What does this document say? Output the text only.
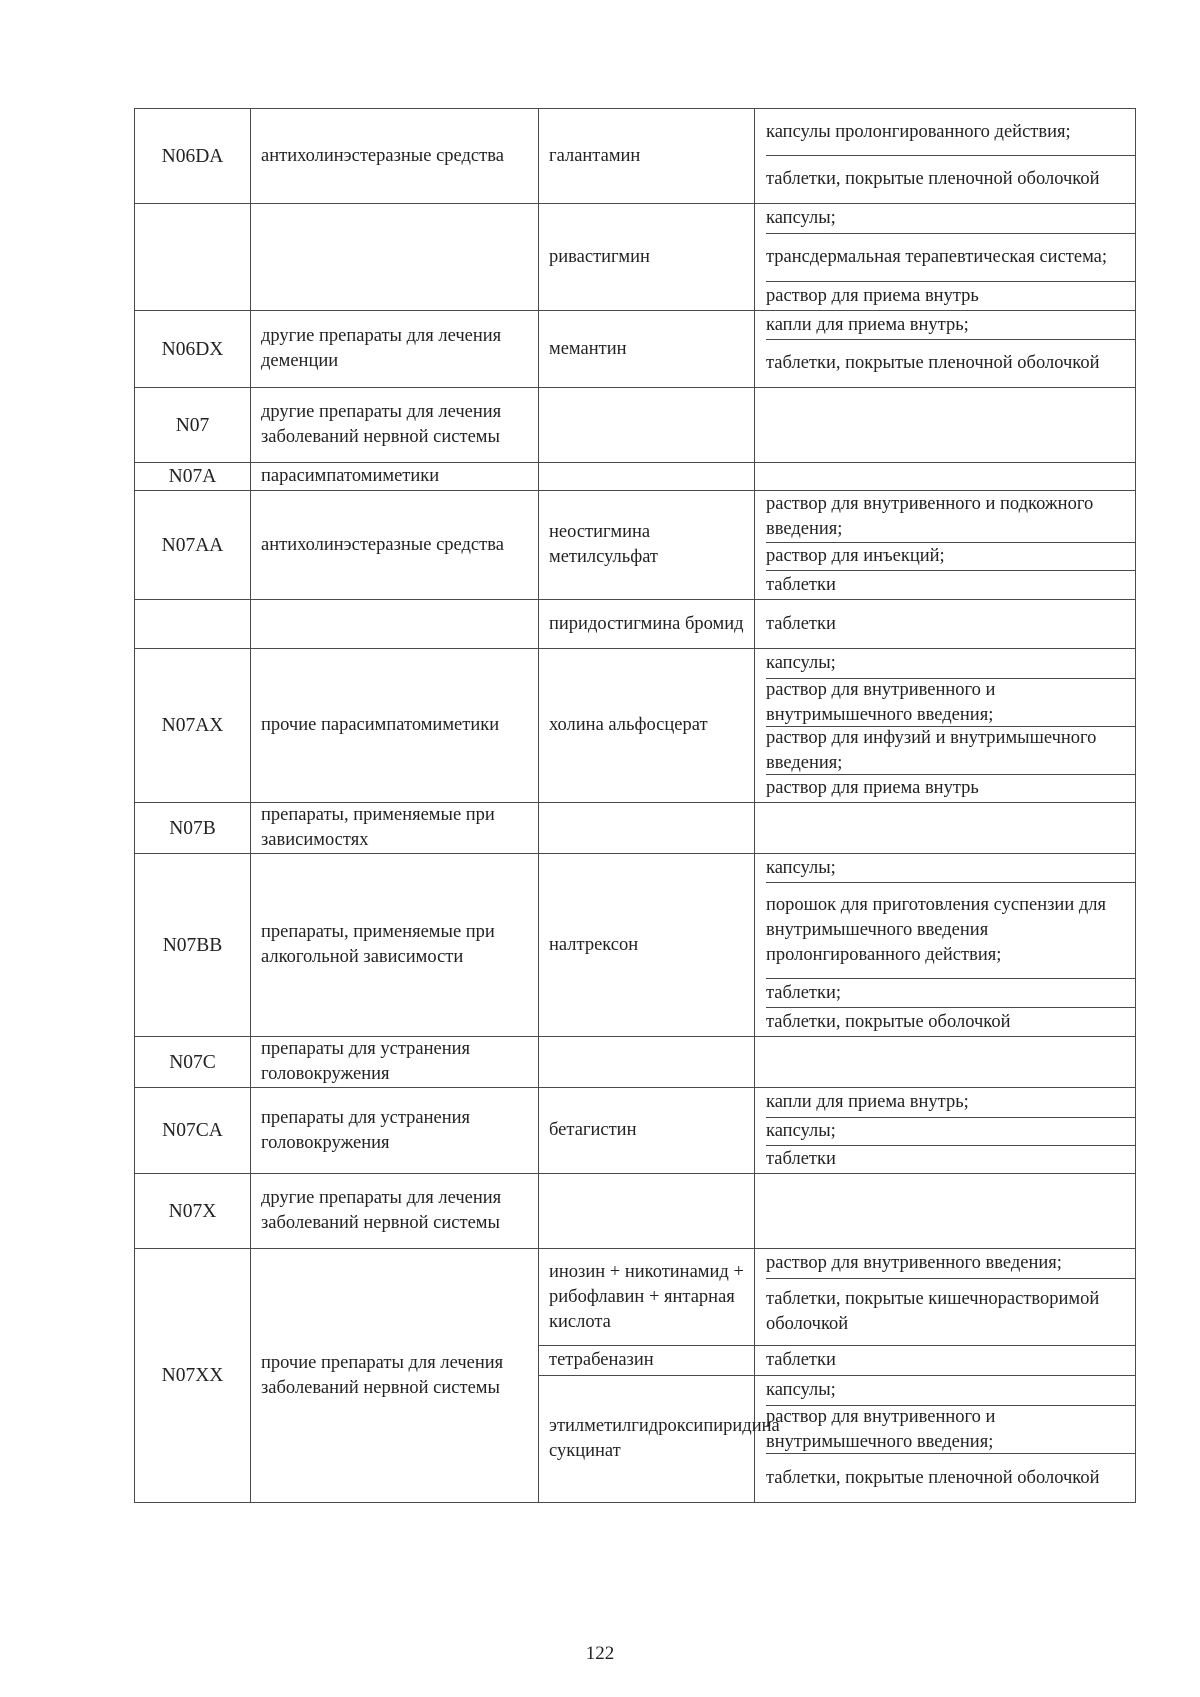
N06DA	антихолинэстеразные средства	галантамин	капсулы пролонгированного действия;
таблетки, покрытые пленочной оболочкой

		ривастигмин	капсулы;
трансдермальная терапевтическая система;
раствор для приема внутрь

N06DX	другие препараты для лечения деменции	мемантин	капли для приема внутрь;
таблетки, покрытые пленочной оболочкой

N07	другие препараты для лечения заболеваний нервной системы		
N07A	парасимпатомиметики		
N07AA	антихолинэстеразные средства	неостигмина метилсульфат	раствор для внутривенного и подкожного введения;
раствор для инъекций;
таблетки

		пиридостигмина бромид	таблетки

N07AX	прочие парасимпатомиметики	холина альфосцерат	капсулы;
раствор для внутривенного и внутримышечного введения;
раствор для инфузий и внутримышечного введения;
раствор для приема внутрь

N07B	препараты, применяемые при зависимостях		
N07BB	препараты, применяемые при алкогольной зависимости	налтрексон	капсулы;
порошок для приготовления суспензии для внутримышечного введения пролонгированного действия;
таблетки;
таблетки, покрытые оболочкой

N07C	препараты для устранения головокружения		
N07CA	препараты для устранения головокружения	бетагистин	капли для приема внутрь;
капсулы;
таблетки

N07X	другие препараты для лечения заболеваний нервной системы		
N07XX	прочие препараты для лечения заболеваний нервной системы	инозин + никотинамид + рибофлавин + янтарная кислота	раствор для внутривенного введения;
таблетки, покрытые кишечнорастворимой оболочкой

		тетрабеназин	таблетки

		этилметилгидроксипиридина сукцинат	капсулы;
раствор для внутривенного и внутримышечного введения;
таблетки, покрытые пленочной оболочкой
122
